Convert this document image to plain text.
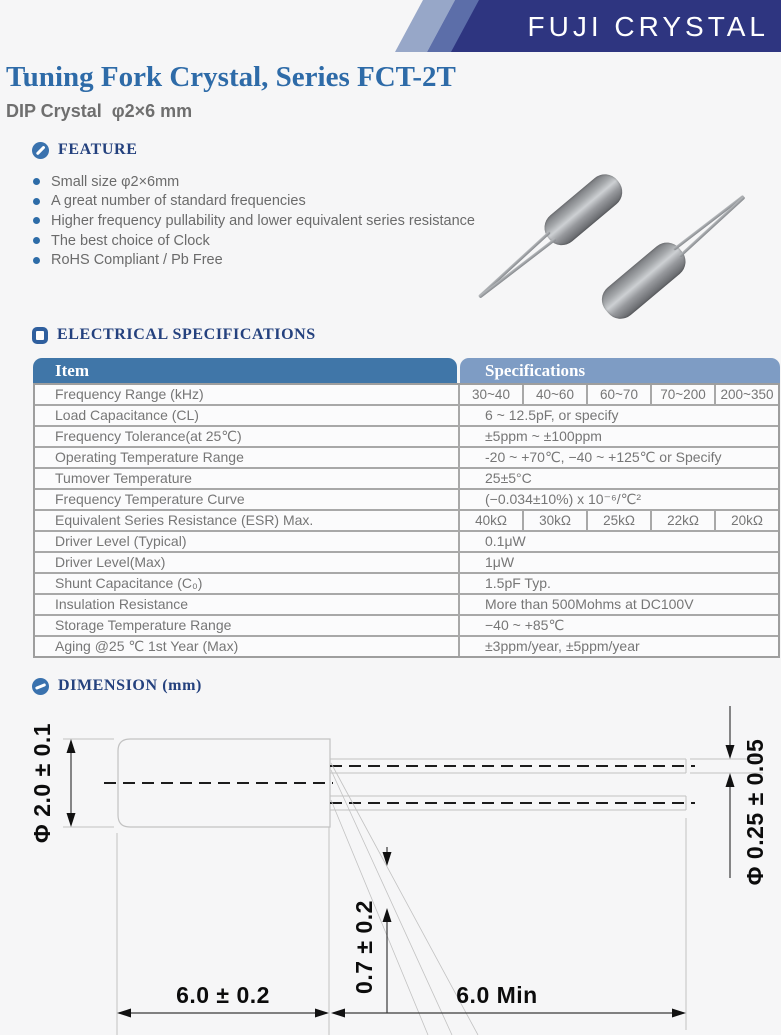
FUJI CRYSTAL
Tuning Fork Crystal, Series FCT-2T
DIP Crystal  φ2×6 mm
FEATURE
Small size φ2×6mm
A great number of standard frequencies
Higher frequency pullability and lower equivalent series resistance
The best choice of Clock
RoHS Compliant / Pb Free
ELECTRICAL SPECIFICATIONS
Item	Specifications
Frequency Range (kHz)	30~40	40~60	60~70	70~200	200~350
Load Capacitance (CL)	6 ~ 12.5pF, or specify
Frequency Tolerance(at 25℃)	±5ppm ~ ±100ppm
Operating Temperature Range	-20 ~ +70℃, −40 ~ +125℃ or Specify
Tumover Temperature	25±5°C
Frequency Temperature Curve	(−0.034±10%) x 10⁻⁶/℃²
Equivalent Series Resistance (ESR) Max.	40kΩ	30kΩ	25kΩ	22kΩ	20kΩ
Driver Level (Typical)	0.1μW
Driver Level(Max)	1μW
Shunt Capacitance (C₀)	1.5pF Typ.
Insulation Resistance	More than 500Mohms at DC100V
Storage Temperature Range	−40 ~ +85℃
Aging @25 ℃ 1st Year (Max)	±3ppm/year, ±5ppm/year
DIMENSION (mm)
Φ 2.0 ± 0.1	Φ 0.25 ± 0.05
0.7 ± 0.2
6.0 ± 0.2	6.0 Min
